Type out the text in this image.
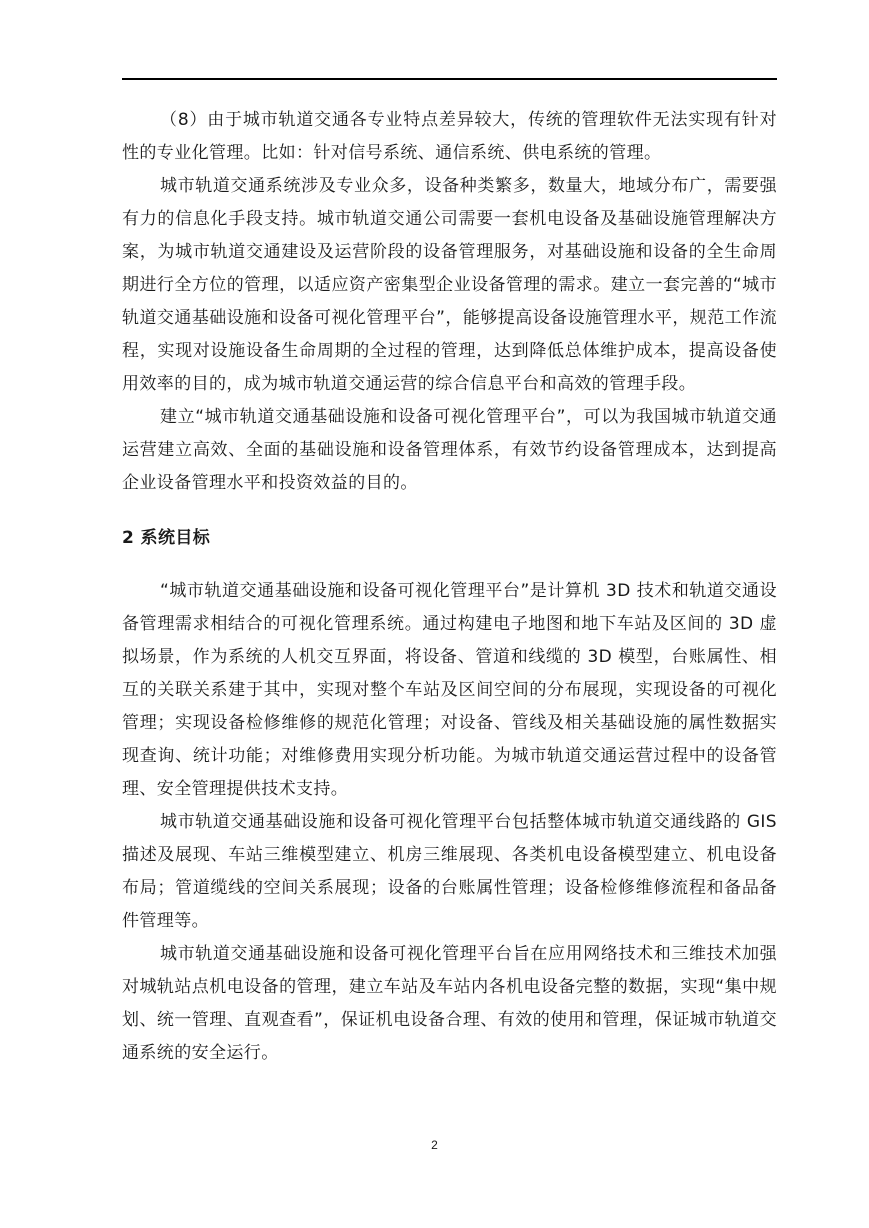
（8）由于城市轨道交通各专业特点差异较大，传统的管理软件无法实现有针对性的专业化管理。比如：针对信号系统、通信系统、供电系统的管理。

城市轨道交通系统涉及专业众多，设备种类繁多，数量大，地域分布广，需要强有力的信息化手段支持。城市轨道交通公司需要一套机电设备及基础设施管理解决方案，为城市轨道交通建设及运营阶段的设备管理服务，对基础设施和设备的全生命周期进行全方位的管理，以适应资产密集型企业设备管理的需求。建立一套完善的“城市轨道交通基础设施和设备可视化管理平台”，能够提高设备设施管理水平，规范工作流程，实现对设施设备生命周期的全过程的管理，达到降低总体维护成本，提高设备使用效率的目的，成为城市轨道交通运营的综合信息平台和高效的管理手段。

建立“城市轨道交通基础设施和设备可视化管理平台”，可以为我国城市轨道交通运营建立高效、全面的基础设施和设备管理体系，有效节约设备管理成本，达到提高企业设备管理水平和投资效益的目的。

2 系统目标

“城市轨道交通基础设施和设备可视化管理平台”是计算机 3D 技术和轨道交通设备管理需求相结合的可视化管理系统。通过构建电子地图和地下车站及区间的 3D 虚拟场景，作为系统的人机交互界面，将设备、管道和线缆的 3D 模型，台账属性、相互的关联关系建于其中，实现对整个车站及区间空间的分布展现，实现设备的可视化管理；实现设备检修维修的规范化管理；对设备、管线及相关基础设施的属性数据实现查询、统计功能；对维修费用实现分析功能。为城市轨道交通运营过程中的设备管理、安全管理提供技术支持。

城市轨道交通基础设施和设备可视化管理平台包括整体城市轨道交通线路的 GIS 描述及展现、车站三维模型建立、机房三维展现、各类机电设备模型建立、机电设备布局；管道缆线的空间关系展现；设备的台账属性管理；设备检修维修流程和备品备件管理等。

城市轨道交通基础设施和设备可视化管理平台旨在应用网络技术和三维技术加强对城轨站点机电设备的管理，建立车站及车站内各机电设备完整的数据，实现“集中规划、统一管理、直观查看”，保证机电设备合理、有效的使用和管理，保证城市轨道交通系统的安全运行。

2
